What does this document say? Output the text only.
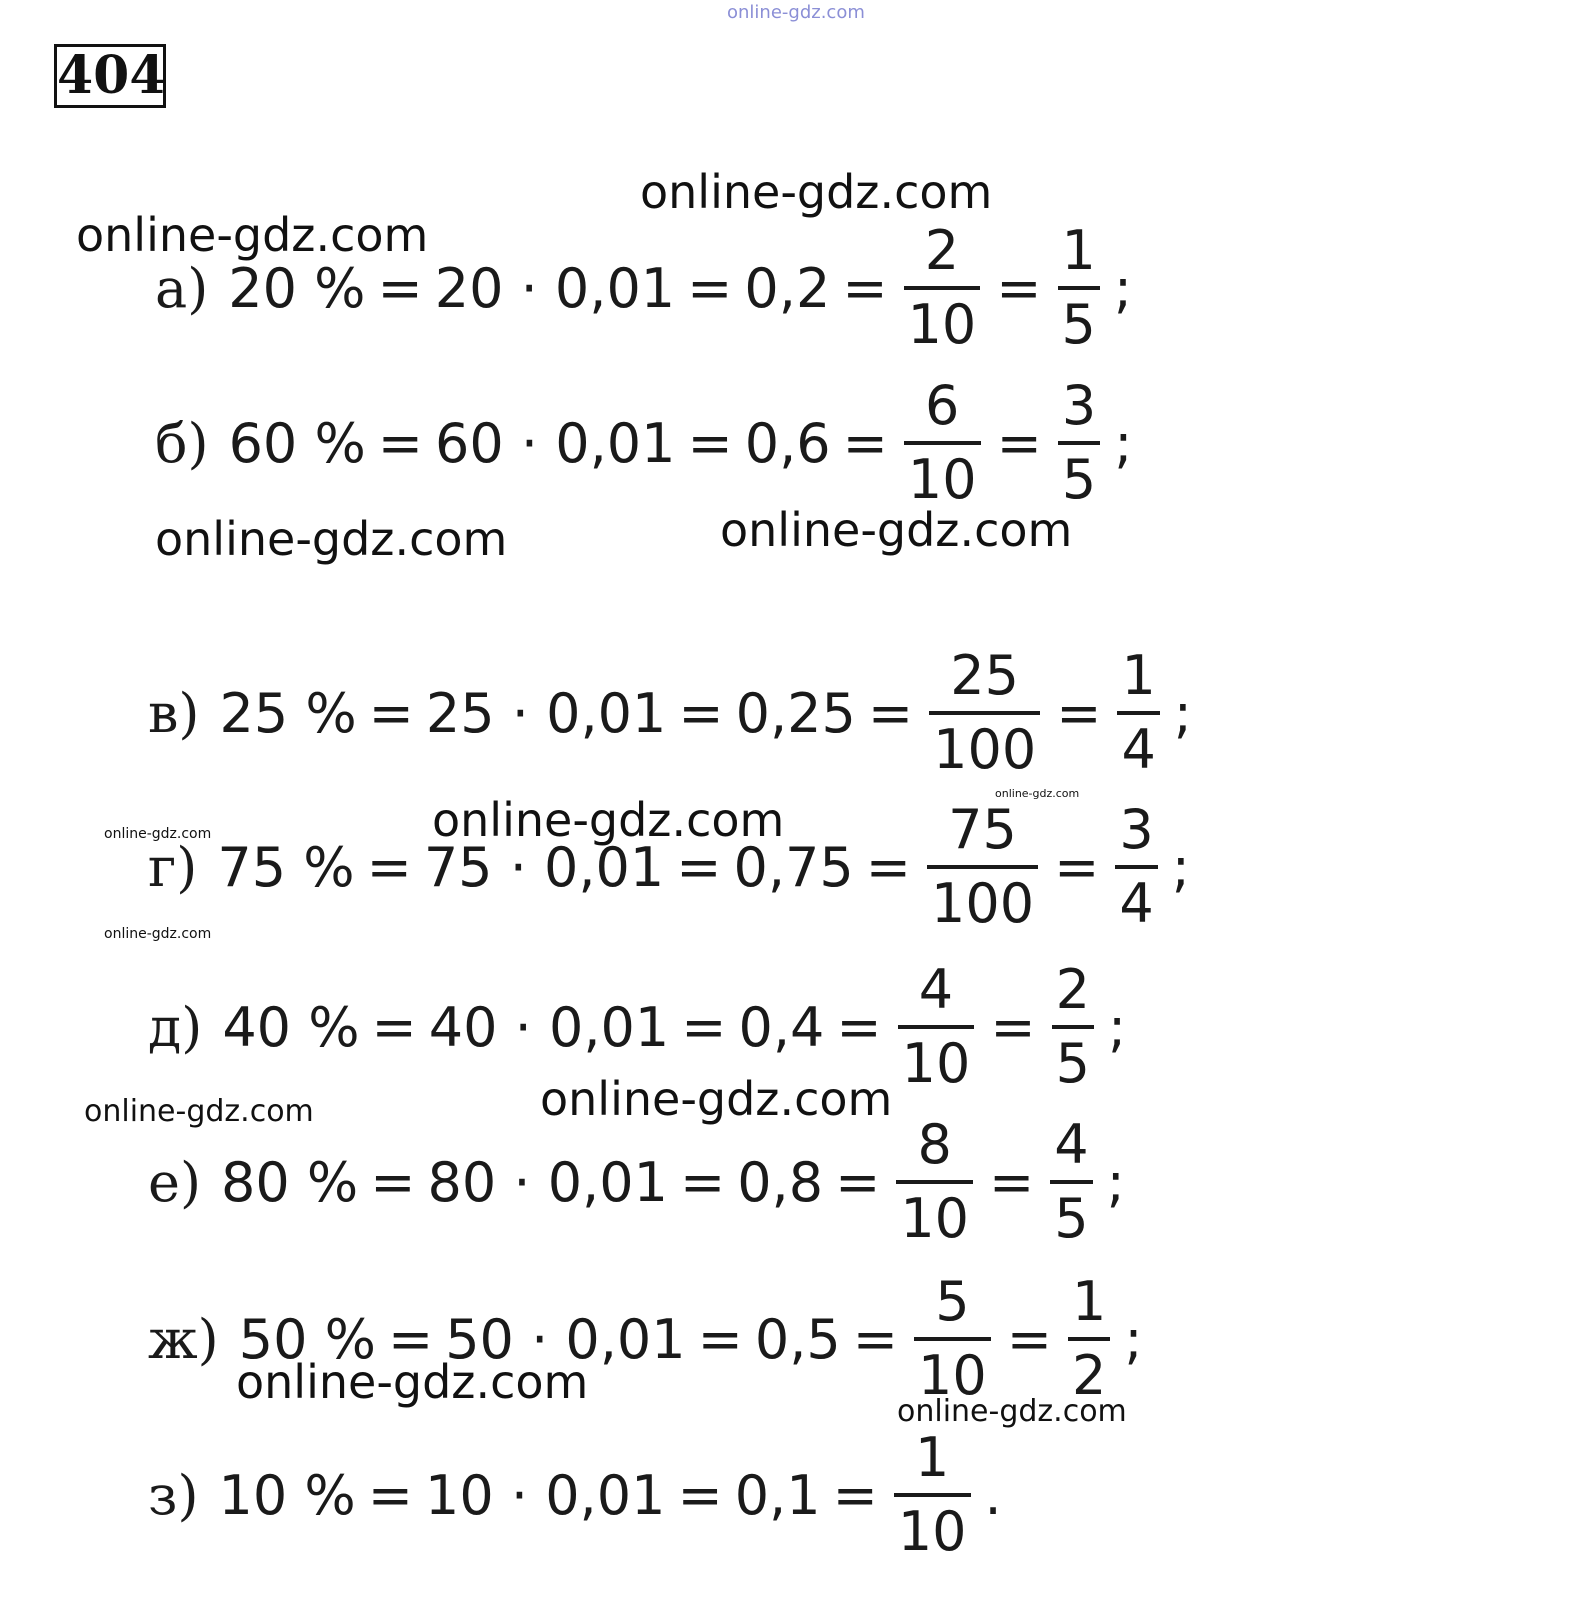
404
online-gdz.com
online-gdz.com
online-gdz.com
online-gdz.com	online-gdz.com
online-gdz.com
online-gdz.com
online-gdz.com
online-gdz.com
online-gdz.com	online-gdz.com
online-gdz.com
online-gdz.com
а) 20 % = $20 \cdot 0,01 = 0,2 = \frac{2}{10} = \frac{1}{5}$ ;
б) 60 % = $60 \cdot 0,01 = 0,6 = \frac{6}{10} = \frac{3}{5}$ ;
в) 25 % = $25 \cdot 0,01 = 0,25 = \frac{25}{100} = \frac{1}{4}$ ;
г) 75 % = $75 \cdot 0,01 = 0,75 = \frac{75}{100} = \frac{3}{4}$ ;
д) 40 % = $40 \cdot 0,01 = 0,4 = \frac{4}{10} = \frac{2}{5}$ ;
е) 80 % = $80 \cdot 0,01 = 0,8 = \frac{8}{10} = \frac{4}{5}$ ;
ж) 50 % = $50 \cdot 0,01 = 0,5 = \frac{5}{10} = \frac{1}{2}$ ;
з) 10 % = $10 \cdot 0,01 = 0,1 = \frac{1}{10}$ .
